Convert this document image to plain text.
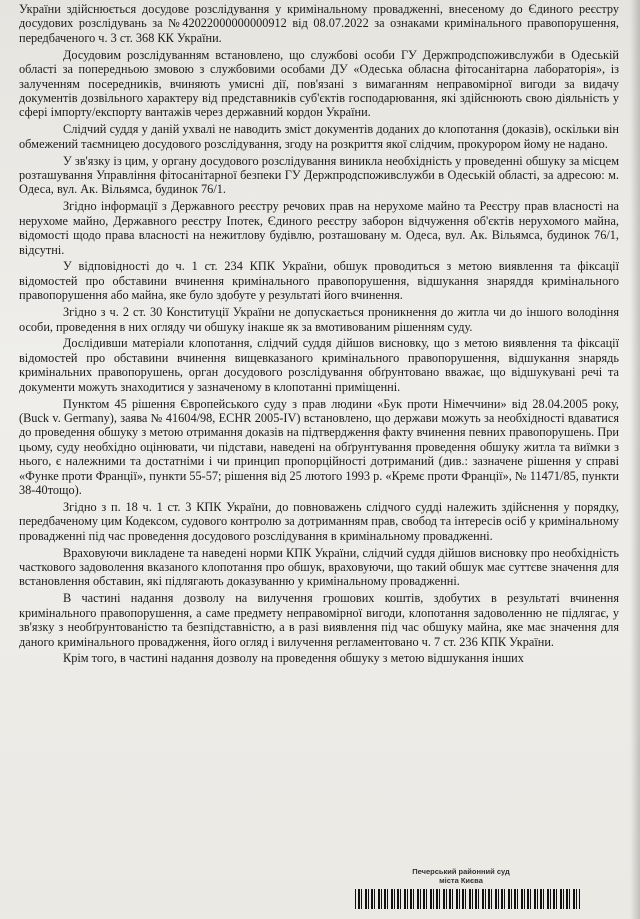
України здійснюється досудове розслідування у кримінальному провадженні, внесеному до Єдиного реєстру досудових розслідувань за №42022000000000912 від 08.07.2022 за ознаками кримінального правопорушення, передбаченого ч. 3 ст. 368 КК України.

Досудовим розслідуванням встановлено, що службові особи ГУ Держпродспоживслужби в Одеській області за попередньою змовою з службовими особами ДУ «Одеська обласна фітосанітарна лабораторія», із залученням посередників, вчиняють умисні дії, пов'язані з вимаганням неправомірної вигоди за видачу документів дозвільного характеру від представників суб'єктів господарювання, які здійснюють свою діяльність у сфері імпорту/експорту вантажів через державний кордон України.

Слідчий суддя у даній ухвалі не наводить зміст документів доданих до клопотання (доказів), оскільки він обмежений таємницею досудового розслідування, згоду на розкриття якої слідчим, прокурором йому не надано.

У зв'язку із цим, у органу досудового розслідування виникла необхідність у проведенні обшуку за місцем розташування Управління фітосанітарної безпеки ГУ Держпродспоживслужби в Одеській області, за адресою: м. Одеса, вул. Ак. Вільямса, будинок 76/1.

Згідно інформації з Державного реєстру речових прав на нерухоме майно та Реєстру прав власності на нерухоме майно, Державного реєстру Іпотек, Єдиного реєстру заборон відчуження об'єктів нерухомого майна, відомості щодо права власності на нежитлову будівлю, розташовану м. Одеса, вул. Ак. Вільямса, будинок 76/1, відсутні.

У відповідності до ч. 1 ст. 234 КПК України, обшук проводиться з метою виявлення та фіксації відомостей про обставини вчинення кримінального правопорушення, відшукання знаряддя кримінального правопорушення або майна, яке було здобуте у результаті його вчинення.

Згідно з ч. 2 ст. 30 Конституції України не допускається проникнення до житла чи до іншого володіння особи, проведення в них огляду чи обшуку інакше як за вмотивованим рішенням суду.

Дослідивши матеріали клопотання, слідчий суддя дійшов висновку, що з метою виявлення та фіксації відомостей про обставини вчинення вищевказаного кримінального правопорушення, відшукання знарядь кримінальних правопорушень, орган досудового розслідування обґрунтовано вважає, що відшукувані речі та документи можуть знаходитися у зазначеному в клопотанні приміщенні.

Пунктом 45 рішення Європейського суду з прав людини «Бук проти Німеччини» від 28.04.2005 року, (Buck v. Germany), заява № 41604/98, ECHR 2005-IV) встановлено, що держави можуть за необхідності вдаватися до проведення обшуку з метою отримання доказів на підтвердження факту вчинення певних правопорушень. При цьому, суду необхідно оцінювати, чи підстави, наведені на обґрунтування проведення обшуку житла та виїмки з нього, є належними та достатніми і чи принцип пропорційності дотриманий (див.: зазначене рішення у справі «Функе проти Франції», пункти 55-57; рішення від 25 лютого 1993 р. «Кремє проти Франції», № 11471/85, пункти 38-40тощо).

Згідно з п. 18 ч. 1 ст. 3 КПК України, до повноважень слідчого судді належить здійснення у порядку, передбаченому цим Кодексом, судового контролю за дотриманням прав, свобод та інтересів осіб у кримінальному провадженні під час проведення досудового розслідування в кримінальному провадженні.

Враховуючи викладене та наведені норми КПК України, слідчий суддя дійшов висновку про необхідність часткового задоволення вказаного клопотання про обшук, враховуючи, що такий обшук має суттєве значення для встановлення обставин, які підлягають доказуванню у кримінальному провадженні.

В частині надання дозволу на вилучення грошових коштів, здобутих в результаті вчинення кримінального правопорушення, а саме предмету неправомірної вигоди, клопотання задоволенню не підлягає, у зв'язку з необґрунтованістю та безпідставністю, а в разі виявлення під час обшуку майна, яке має значення для даного кримінального провадження, його огляд і вилучення регламентовано ч. 7 ст. 236 КПК України.

Крім того, в частині надання дозволу на проведення обшуку з метою відшукання інших

Печерський районний суд
міста Києва
